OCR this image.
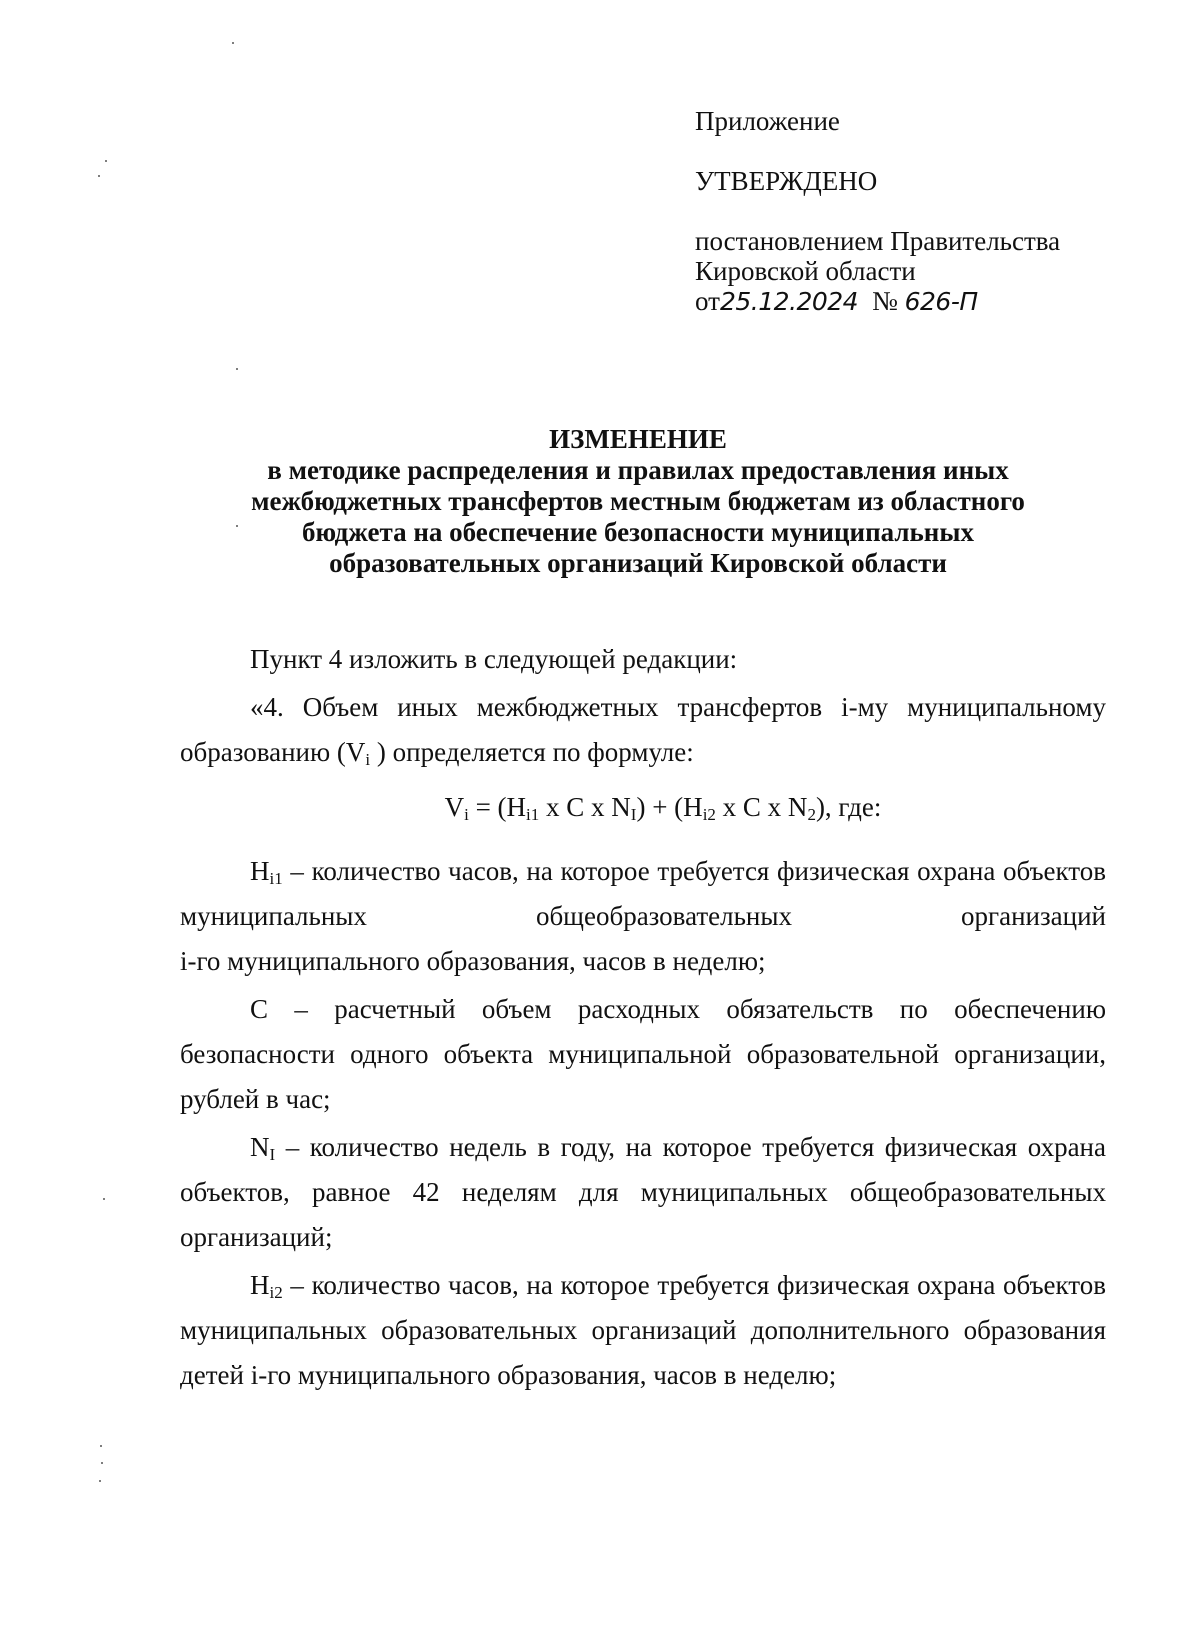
Приложение
УТВЕРЖДЕНО
постановлением Правительства
Кировской области
от25.12.2024 № 626-П
ИЗМЕНЕНИЕ
в методике распределения и правилах предоставления иных
межбюджетных трансфертов местным бюджетам из областного
бюджета на обеспечение безопасности муниципальных
образовательных организаций Кировской области

Пункт 4 изложить в следующей редакции:

«4. Объем иных межбюджетных трансфертов i-му муниципальному образованию ($V_i$ ) определяется по формуле:

$V_i = (H_{i1}$ x C x $N_I) + (H_{i2}$ x C x $N_2$), где:

$H_{i1}$ – количество часов, на которое требуется физическая охрана объектов муниципальных общеобразовательных организаций

i-го муниципального образования, часов в неделю;

C – расчетный объем расходных обязательств по обеспечению безопасности одного объекта муниципальной образовательной организации, рублей в час;

$N_I$ – количество недель в году, на которое требуется физическая охрана объектов, равное 42 неделям для муниципальных общеобразовательных организаций;

$H_{i2}$ – количество часов, на которое требуется физическая охрана объектов муниципальных образовательных организаций дополнительного образования детей i-го муниципального образования, часов в неделю;
